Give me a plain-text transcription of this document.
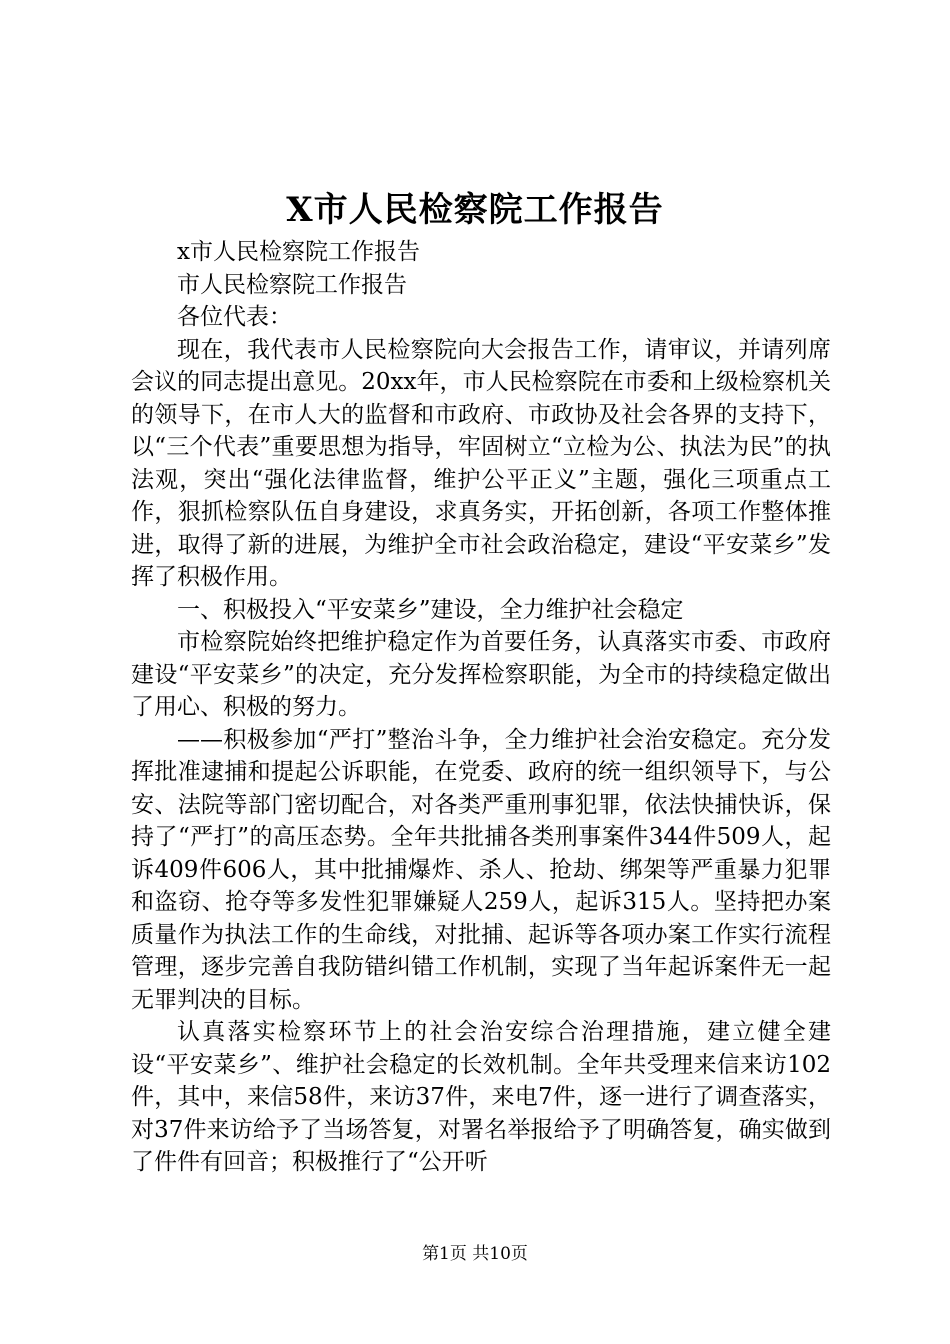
X市人民检察院工作报告

x市人民检察院工作报告

市人民检察院工作报告

各位代表：

现在，我代表市人民检察院向大会报告工作，请审议，并请列席会议的同志提出意见。20xx年，市人民检察院在市委和上级检察机关的领导下，在市人大的监督和市政府、市政协及社会各界的支持下，以“三个代表”重要思想为指导，牢固树立“立检为公、执法为民”的执法观，突出“强化法律监督，维护公平正义”主题，强化三项重点工作，狠抓检察队伍自身建设，求真务实，开拓创新，各项工作整体推进，取得了新的进展，为维护全市社会政治稳定，建设“平安菜乡”发挥了积极作用。

一、积极投入“平安菜乡”建设，全力维护社会稳定

市检察院始终把维护稳定作为首要任务，认真落实市委、市政府建设“平安菜乡”的决定，充分发挥检察职能，为全市的持续稳定做出了用心、积极的努力。

——积极参加“严打”整治斗争，全力维护社会治安稳定。充分发挥批准逮捕和提起公诉职能，在党委、政府的统一组织领导下，与公安、法院等部门密切配合，对各类严重刑事犯罪，依法快捕快诉，保持了“严打”的高压态势。全年共批捕各类刑事案件344件509人，起诉409件606人，其中批捕爆炸、杀人、抢劫、绑架等严重暴力犯罪和盗窃、抢夺等多发性犯罪嫌疑人259人，起诉315人。坚持把办案质量作为执法工作的生命线，对批捕、起诉等各项办案工作实行流程管理，逐步完善自我防错纠错工作机制，实现了当年起诉案件无一起无罪判决的目标。

认真落实检察环节上的社会治安综合治理措施，建立健全建设“平安菜乡”、维护社会稳定的长效机制。全年共受理来信来访102件，其中，来信58件，来访37件，来电7件，逐一进行了调查落实，对37件来访给予了当场答复，对署名举报给予了明确答复，确实做到了件件有回音；积极推行了“公开听

第1页 共10页
